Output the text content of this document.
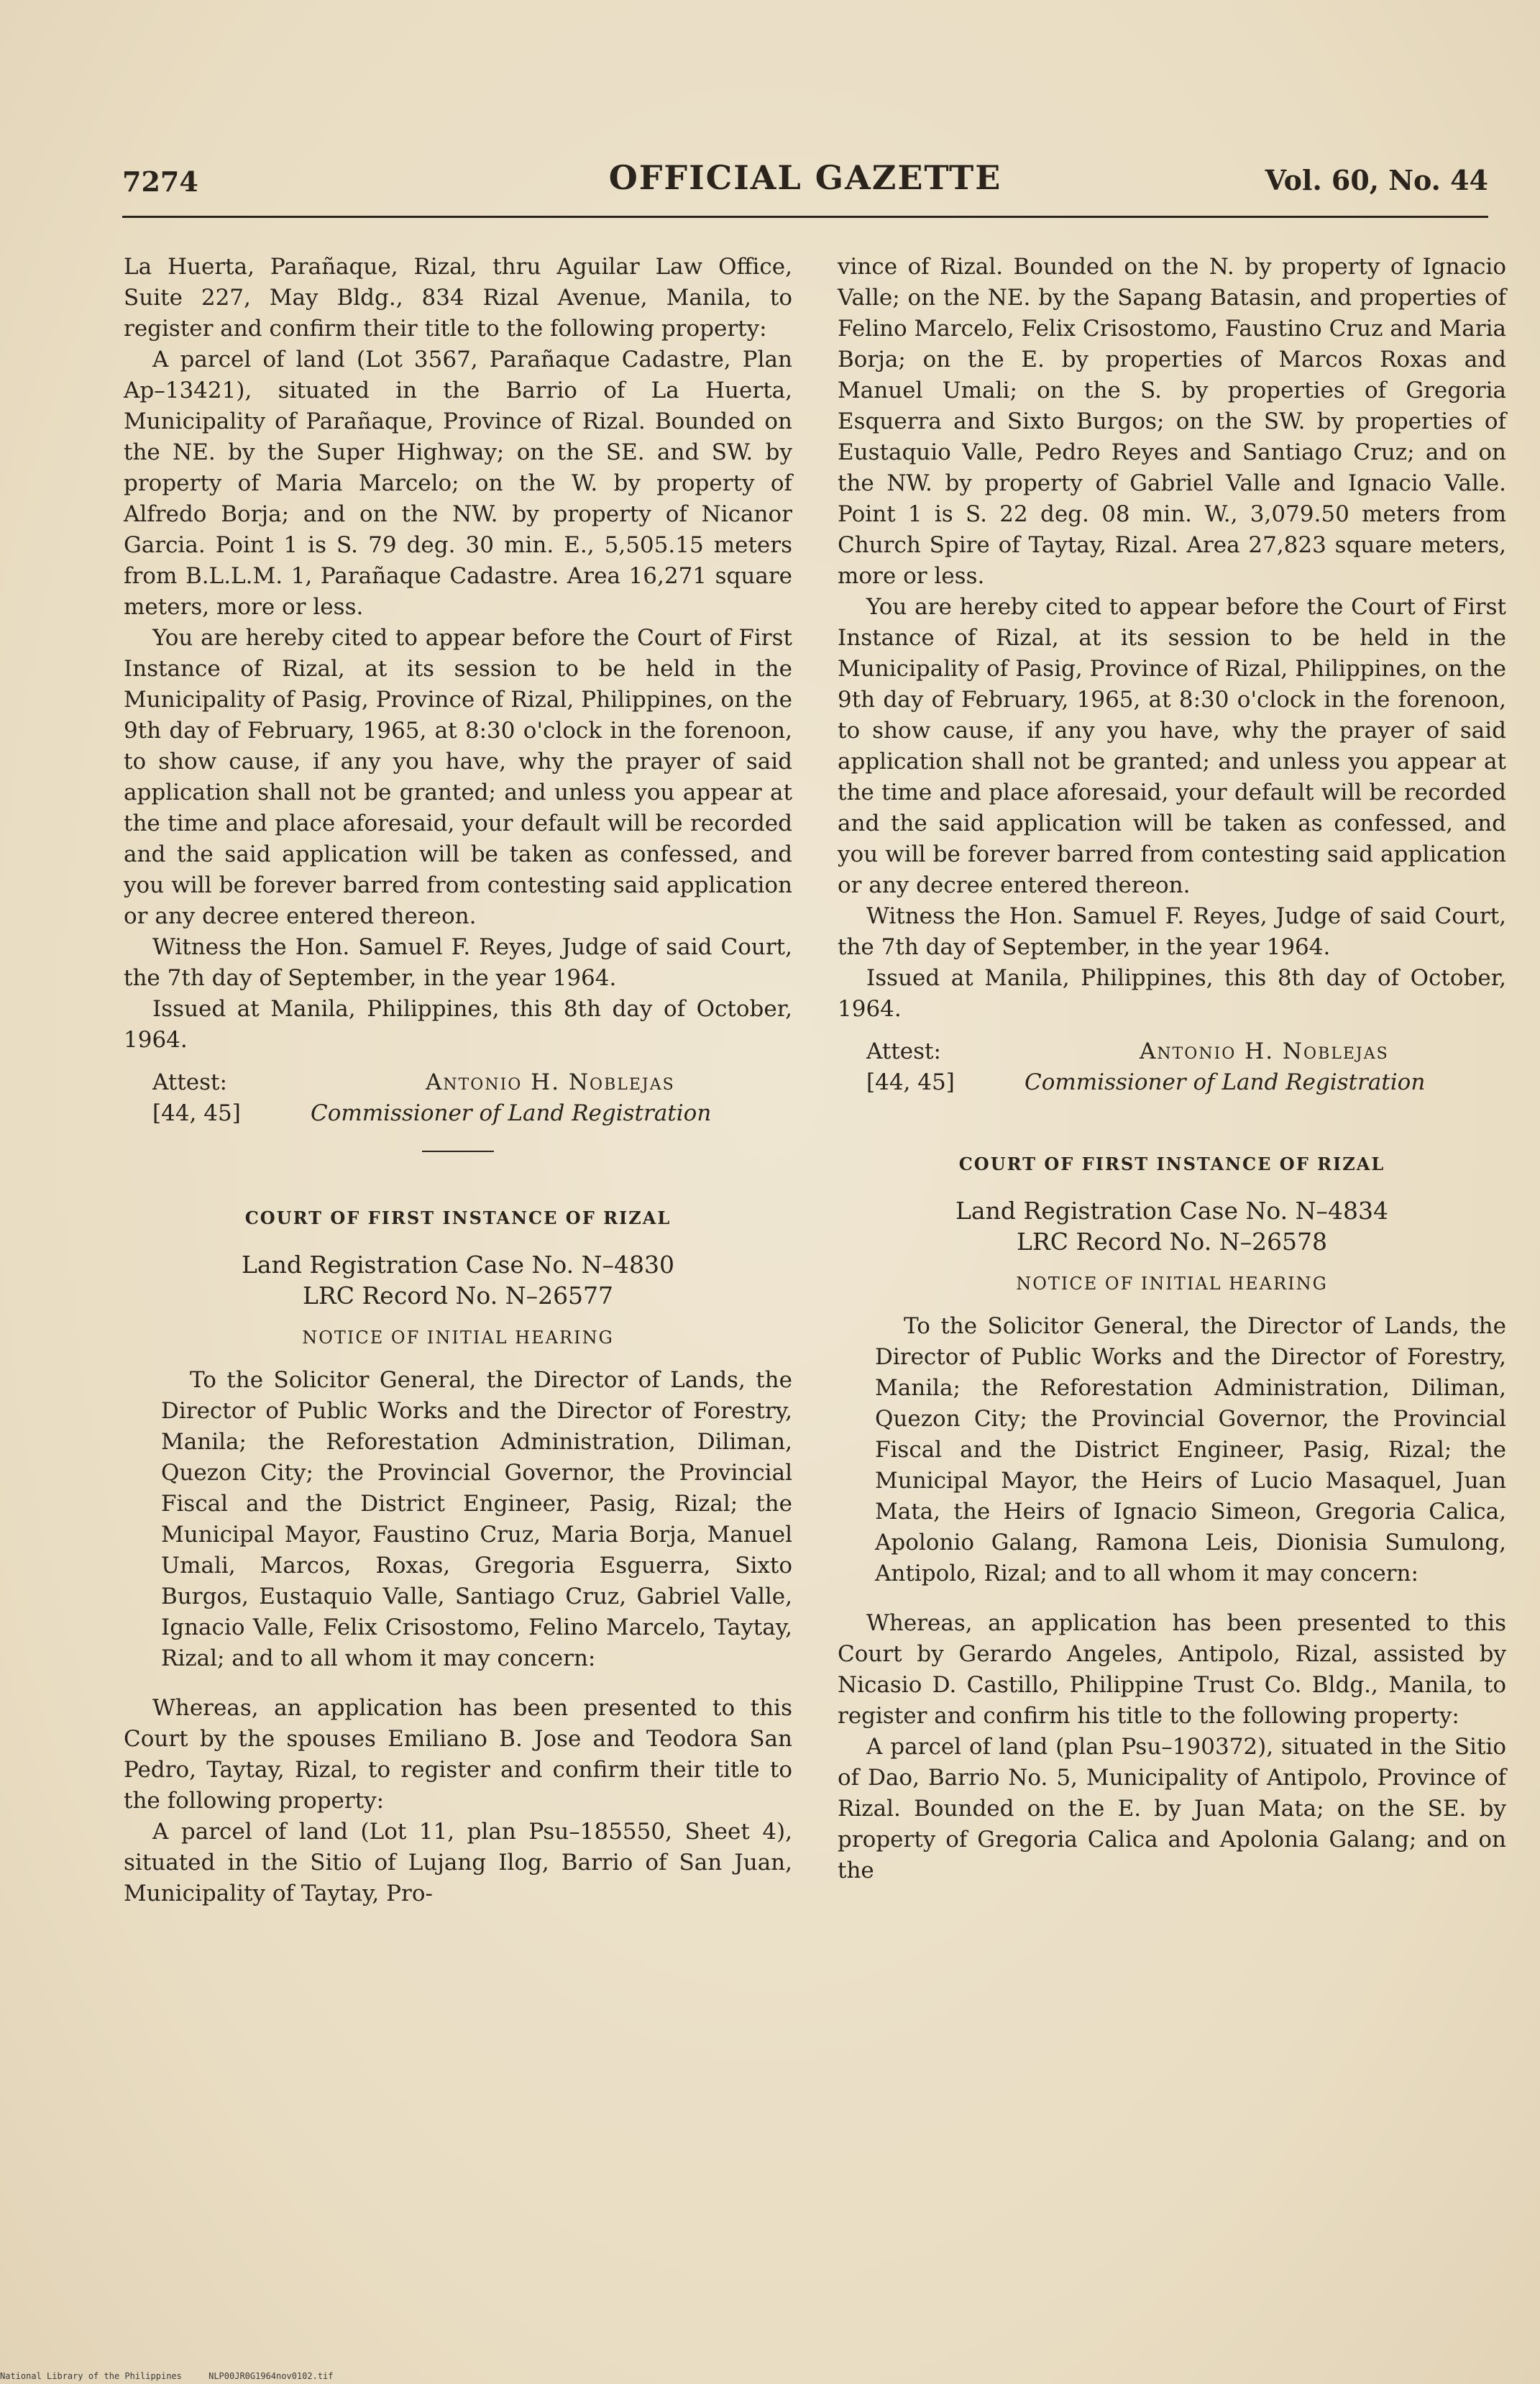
7274	OFFICIAL GAZETTE	Vol. 60, No. 44

La Huerta, Parañaque, Rizal, thru Aguilar Law Office, Suite 227, May Bldg., 834 Rizal Avenue, Manila, to register and confirm their title to the following property:

A parcel of land (Lot 3567, Parañaque Cadastre, Plan Ap–13421), situated in the Barrio of La Huerta, Municipality of Parañaque, Province of Rizal. Bounded on the NE. by the Super Highway; on the SE. and SW. by property of Maria Marcelo; on the W. by property of Alfredo Borja; and on the NW. by property of Nicanor Garcia. Point 1 is S. 79 deg. 30 min. E., 5,505.15 meters from B.L.L.M. 1, Parañaque Cadastre. Area 16,271 square meters, more or less.

You are hereby cited to appear before the Court of First Instance of Rizal, at its session to be held in the Municipality of Pasig, Province of Rizal, Philippines, on the 9th day of February, 1965, at 8:30 o'clock in the forenoon, to show cause, if any you have, why the prayer of said application shall not be granted; and unless you appear at the time and place aforesaid, your default will be recorded and the said application will be taken as confessed, and you will be forever barred from contesting said application or any decree entered thereon.

Witness the Hon. Samuel F. Reyes, Judge of said Court, the 7th day of September, in the year 1964.

Issued at Manila, Philippines, this 8th day of October, 1964.

Attest:
[44, 45]
Antonio H. Noblejas
Commissioner of Land Registration
COURT OF FIRST INSTANCE OF RIZAL
Land Registration Case No. N–4830
LRC Record No. N–26577
NOTICE OF INITIAL HEARING

To the Solicitor General, the Director of Lands, the Director of Public Works and the Director of Forestry, Manila; the Reforestation Administration, Diliman, Quezon City; the Provincial Governor, the Provincial Fiscal and the District Engineer, Pasig, Rizal; the Municipal Mayor, Faustino Cruz, Maria Borja, Manuel Umali, Marcos, Roxas, Gregoria Esguerra, Sixto Burgos, Eustaquio Valle, Santiago Cruz, Gabriel Valle, Ignacio Valle, Felix Crisostomo, Felino Marcelo, Taytay, Rizal; and to all whom it may concern:

Whereas, an application has been presented to this Court by the spouses Emiliano B. Jose and Teodora San Pedro, Taytay, Rizal, to register and confirm their title to the following property:

A parcel of land (Lot 11, plan Psu–185550, Sheet 4), situated in the Sitio of Lujang Ilog, Barrio of San Juan, Municipality of Taytay, Pro-

vince of Rizal. Bounded on the N. by property of Ignacio Valle; on the NE. by the Sapang Batasin, and properties of Felino Marcelo, Felix Crisostomo, Faustino Cruz and Maria Borja; on the E. by properties of Marcos Roxas and Manuel Umali; on the S. by properties of Gregoria Esquerra and Sixto Burgos; on the SW. by properties of Eustaquio Valle, Pedro Reyes and Santiago Cruz; and on the NW. by property of Gabriel Valle and Ignacio Valle. Point 1 is S. 22 deg. 08 min. W., 3,079.50 meters from Church Spire of Taytay, Rizal. Area 27,823 square meters, more or less.

You are hereby cited to appear before the Court of First Instance of Rizal, at its session to be held in the Municipality of Pasig, Province of Rizal, Philippines, on the 9th day of February, 1965, at 8:30 o'clock in the forenoon, to show cause, if any you have, why the prayer of said application shall not be granted; and unless you appear at the time and place aforesaid, your default will be recorded and the said application will be taken as confessed, and you will be forever barred from contesting said application or any decree entered thereon.

Witness the Hon. Samuel F. Reyes, Judge of said Court, the 7th day of September, in the year 1964.

Issued at Manila, Philippines, this 8th day of October, 1964.

Attest:
[44, 45]
Antonio H. Noblejas
Commissioner of Land Registration
COURT OF FIRST INSTANCE OF RIZAL
Land Registration Case No. N–4834
LRC Record No. N–26578
NOTICE OF INITIAL HEARING

To the Solicitor General, the Director of Lands, the Director of Public Works and the Director of Forestry, Manila; the Reforestation Administration, Diliman, Quezon City; the Provincial Governor, the Provincial Fiscal and the District Engineer, Pasig, Rizal; the Municipal Mayor, the Heirs of Lucio Masaquel, Juan Mata, the Heirs of Ignacio Simeon, Gregoria Calica, Apolonio Galang, Ramona Leis, Dionisia Sumulong, Antipolo, Rizal; and to all whom it may concern:

Whereas, an application has been presented to this Court by Gerardo Angeles, Antipolo, Rizal, assisted by Nicasio D. Castillo, Philippine Trust Co. Bldg., Manila, to register and confirm his title to the following property:

A parcel of land (plan Psu–190372), situated in the Sitio of Dao, Barrio No. 5, Municipality of Antipolo, Province of Rizal. Bounded on the E. by Juan Mata; on the SE. by property of Gregoria Calica and Apolonia Galang; and on the

National Library of the Philippines	NLP00JR0G1964nov0102.tif
